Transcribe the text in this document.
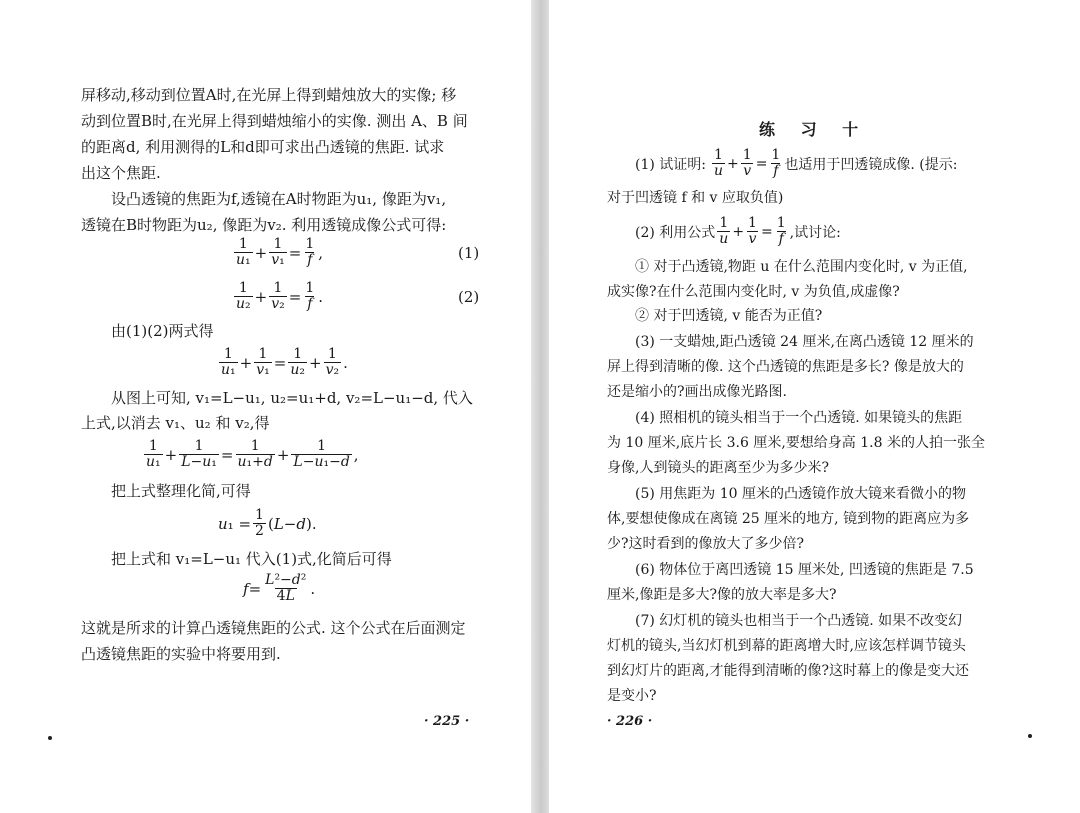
屏移动,移动到位置A时,在光屏上得到蜡烛放大的实像; 移
动到位置B时,在光屏上得到蜡烛缩小的实像. 测出 A、B 间
的距离d, 利用测得的L和d即可求出凸透镜的焦距. 试求
出这个焦距.
设凸透镜的焦距为f,透镜在A时物距为u₁, 像距为v₁,
透镜在B时物距为u₂, 像距为v₂. 利用透镜成像公式可得:
1
u₁ + 1
v₁ = 1
f ,	(1)
1
u₂ + 1
v₂ = 1
f .	(2)
由(1)(2)两式得
1
u₁ + 1
v₁ = 1
u₂ + 1
v₂ .
从图上可知, v₁=L−u₁, u₂=u₁+d, v₂=L−u₁−d, 代入
上式,以消去 v₁、u₂ 和 v₂,得
1
u₁ + 1
L−u₁ = 1
u₁+d + 1
L−u₁−d ,
把上式整理化简,可得
u ₁ = 1
2 ( L − d ).
把上式和 v₁=L−u₁ 代入(1)式,化简后可得
f = L²−d²
4L .
这就是所求的计算凸透镜焦距的公式. 这个公式在后面测定
凸透镜焦距的实验中将要用到.
· 225 ·
练 习 十
(1) 试证明:
1
u +
1
v =
1
f 也适用于凹透镜成像. (提示:
对于凹透镜 f 和 v 应取负值)
(2) 利用公式
1
u +
1
v =
1
f ,试讨论:
① 对于凸透镜,物距 u 在什么范围内变化时, v 为正值,
成实像?在什么范围内变化时, v 为负值,成虚像?
② 对于凹透镜, v 能否为正值?
(3) 一支蜡烛,距凸透镜 24 厘米,在离凸透镜 12 厘米的
屏上得到清晰的像. 这个凸透镜的焦距是多长? 像是放大的
还是缩小的?画出成像光路图.
(4) 照相机的镜头相当于一个凸透镜. 如果镜头的焦距
为 10 厘米,底片长 3.6 厘米,要想给身高 1.8 米的人拍一张全
身像,人到镜头的距离至少为多少米?
(5) 用焦距为 10 厘米的凸透镜作放大镜来看微小的物
体,要想使像成在离镜 25 厘米的地方, 镜到物的距离应为多
少?这时看到的像放大了多少倍?
(6) 物体位于离凹透镜 15 厘米处, 凹透镜的焦距是 7.5
厘米,像距是多大?像的放大率是多大?
(7) 幻灯机的镜头也相当于一个凸透镜. 如果不改变幻
灯机的镜头,当幻灯机到幕的距离增大时,应该怎样调节镜头
到幻灯片的距离,才能得到清晰的像?这时幕上的像是变大还
是变小?
· 226 ·
